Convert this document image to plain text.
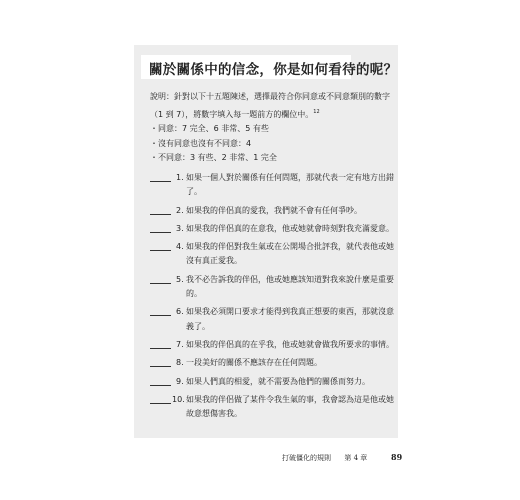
關於關係中的信念，你是如何看待的呢？

說明：針對以下十五題陳述，選擇最符合你同意或不同意類別的數字（1 到 7），將數字填入每一題前方的欄位中。$^{12}$

・同意：7 完全、6 非常、5 有些

・沒有同意也沒有不同意：4

・不同意：3 有些、2 非常、1 完全

1. 如果一個人對於關係有任何問題，那就代表一定有地方出錯了。
2. 如果我的伴侶真的愛我，我們就不會有任何爭吵。
3. 如果我的伴侶真的在意我，他或她就會時刻對我充滿愛意。
4. 如果我的伴侶對我生氣或在公開場合批評我，就代表他或她沒有真正愛我。
5. 我不必告訴我的伴侶，他或她應該知道對我來說什麼是重要的。
6. 如果我必須開口要求才能得到我真正想要的東西，那就沒意義了。
7. 如果我的伴侶真的在乎我，他或她就會做我所要求的事情。
8. 一段美好的關係不應該存在任何問題。
9. 如果人們真的相愛，就不需要為他們的關係而努力。
10. 如果我的伴侶做了某件令我生氣的事，我會認為這是他或她故意想傷害我。
打破僵化的規則  第 4 章	89
